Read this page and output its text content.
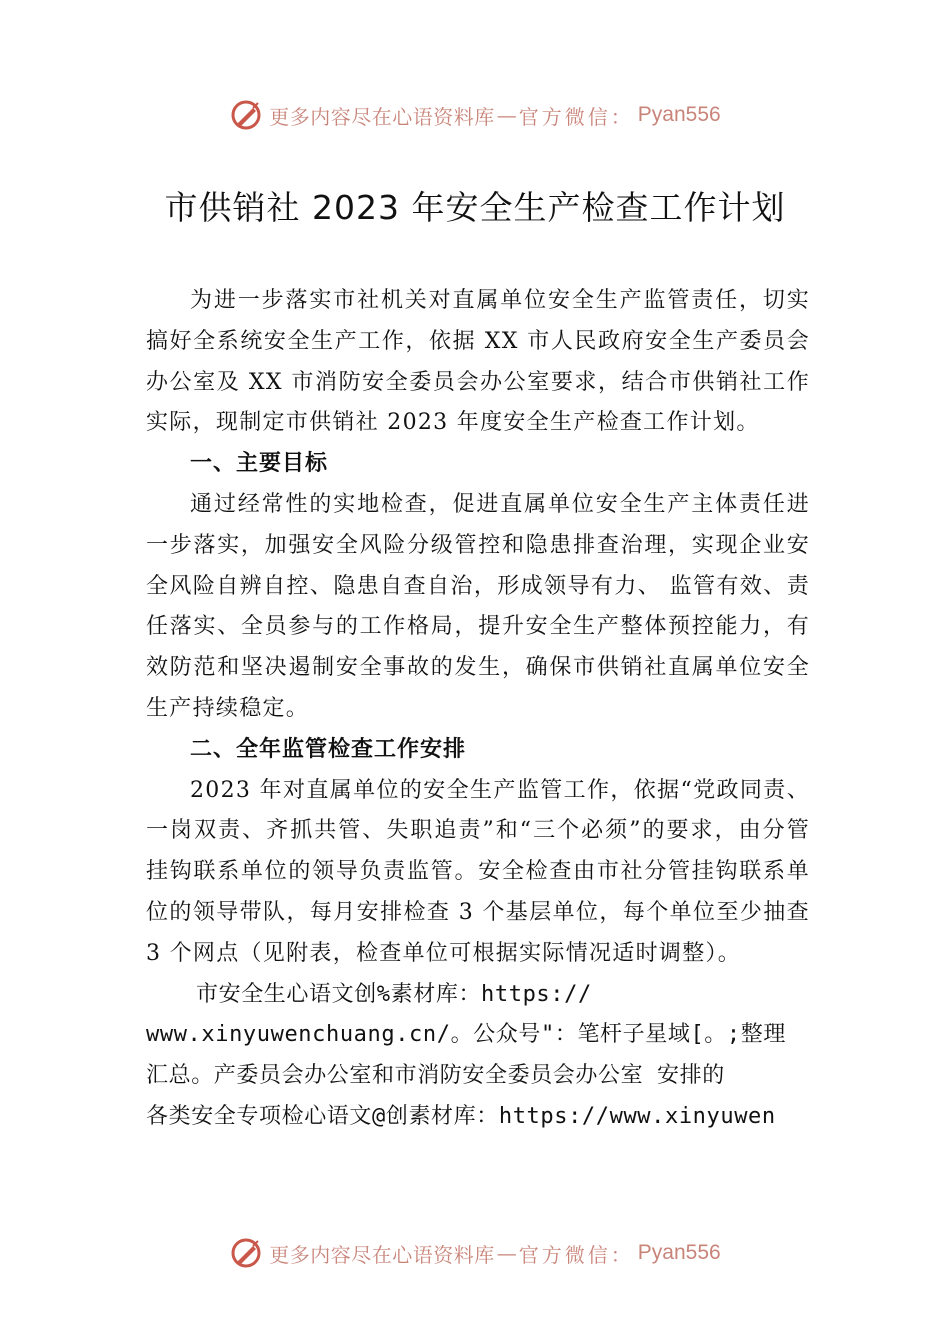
更多内容尽在心语资料库 — 官方微信： Pyan556
市供销社 2023 年安全生产检查工作计划

为进一步落实市社机关对直属单位安全生产监管责任，切实搞好全系统安全生产工作，依据 XX 市人民政府安全生产委员会办公室及 XX 市消防安全委员会办公室要求，结合市供销社工作实际，现制定市供销社 2023 年度安全生产检查工作计划。

一、主要目标

通过经常性的实地检查，促进直属单位安全生产主体责任进一步落实，加强安全风险分级管控和隐患排查治理，实现企业安全风险自辨自控、隐患自查自治，形成领导有力、 监管有效、责任落实、全员参与的工作格局，提升安全生产整体预控能力，有效防范和坚决遏制安全事故的发生，确保市供销社直属单位安全生产持续稳定。

二、全年监管检查工作安排

2023 年对直属单位的安全生产监管工作，依据“党政同责、一岗双责、齐抓共管、失职追责”和“三个必须”的要求，由分管挂钩联系单位的领导负责监管。安全检查由市社分管挂钩联系单位的领导带队，每月安排检查 3 个基层单位，每个单位至少抽查 3 个网点（见附表，检查单位可根据实际情况适时调整）。

市安全生心语文创%素材库：https://

www.xinyuwenchuang.cn/。公众号"：笔杆子星域[。;整理

汇总。产委员会办公室和市消防安全委员会办公室 安排的

各类安全专项检心语文@创素材库：https://www.xinyuwen

更多内容尽在心语资料库 — 官方微信： Pyan556
